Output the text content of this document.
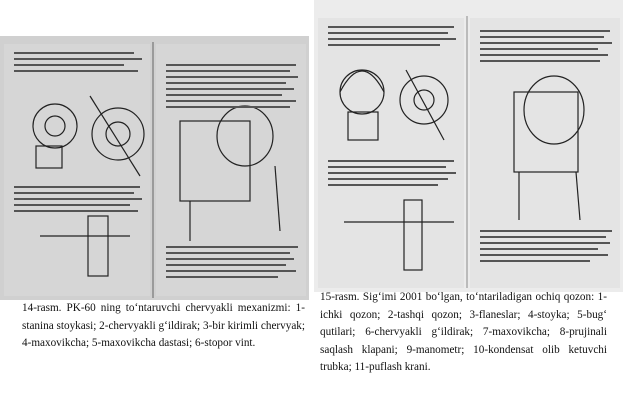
14-rasm. PK-60 ning toʻntaruvchi chervyakli mexanizmi: 1-stanina stoykasi; 2-chervyakli gʻildirak; 3-bir kirimli chervyak; 4-maxovikcha; 5-maxovikcha dastasi; 6-stopor vint.
15-rasm. Sigʻimi 2001 boʻlgan, toʻntariladigan ochiq qozon: 1-ichki qozon; 2-tashqi qozon; 3-flaneslar; 4-stoyka; 5-bugʻ qutilari; 6-chervyakli gʻildirak; 7-maxovikcha; 8-prujinali saqlash klapani; 9-manometr; 10-kondensat olib ketuvchi trubka; 11-puflash krani.
